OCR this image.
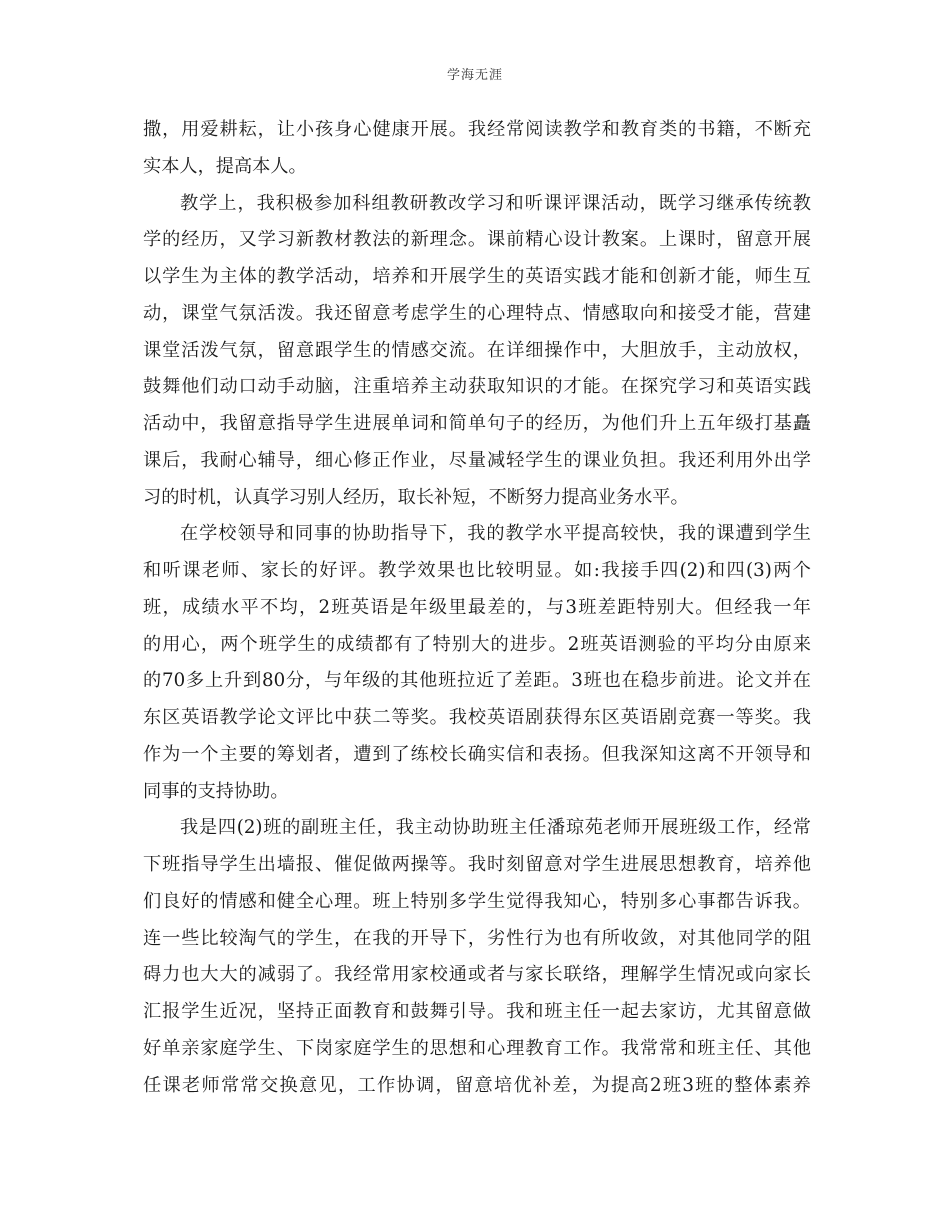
学海无涯
撒，用爱耕耘，让小孩身心健康开展。我经常阅读教学和教育类的书籍，不断充
实本人，提高本人。
教学上，我积极参加科组教研教改学习和听课评课活动，既学习继承传统教
学的经历，又学习新教材教法的新理念。课前精心设计教案。上课时，留意开展
以学生为主体的教学活动，培养和开展学生的英语实践才能和创新才能，师生互
动，课堂气氛活泼。我还留意考虑学生的心理特点、情感取向和接受才能，营建
课堂活泼气氛，留意跟学生的情感交流。在详细操作中，大胆放手，主动放权，
鼓舞他们动口动手动脑，注重培养主动获取知识的才能。在探究学习和英语实践
活动中，我留意指导学生进展单词和简单句子的经历，为他们升上五年级打基矗
课后，我耐心辅导，细心修正作业，尽量减轻学生的课业负担。我还利用外出学
习的时机，认真学习别人经历，取长补短，不断努力提高业务水平。
在学校领导和同事的协助指导下，我的教学水平提高较快，我的课遭到学生
和听课老师、家长的好评。教学效果也比较明显。如:我接手四(2)和四(3)两个
班，成绩水平不均，2班英语是年级里最差的，与3班差距特别大。但经我一年
的用心，两个班学生的成绩都有了特别大的进步。2班英语测验的平均分由原来
的70多上升到80分，与年级的其他班拉近了差距。3班也在稳步前进。论文并在
东区英语教学论文评比中获二等奖。我校英语剧获得东区英语剧竞赛一等奖。我
作为一个主要的筹划者，遭到了练校长确实信和表扬。但我深知这离不开领导和
同事的支持协助。
我是四(2)班的副班主任，我主动协助班主任潘琼苑老师开展班级工作，经常
下班指导学生出墙报、催促做两操等。我时刻留意对学生进展思想教育，培养他
们良好的情感和健全心理。班上特别多学生觉得我知心，特别多心事都告诉我。
连一些比较淘气的学生，在我的开导下，劣性行为也有所收敛，对其他同学的阻
碍力也大大的减弱了。我经常用家校通或者与家长联络，理解学生情况或向家长
汇报学生近况，坚持正面教育和鼓舞引导。我和班主任一起去家访，尤其留意做
好单亲家庭学生、下岗家庭学生的思想和心理教育工作。我常常和班主任、其他
任课老师常常交换意见，工作协调，留意培优补差，为提高2班3班的整体素养
